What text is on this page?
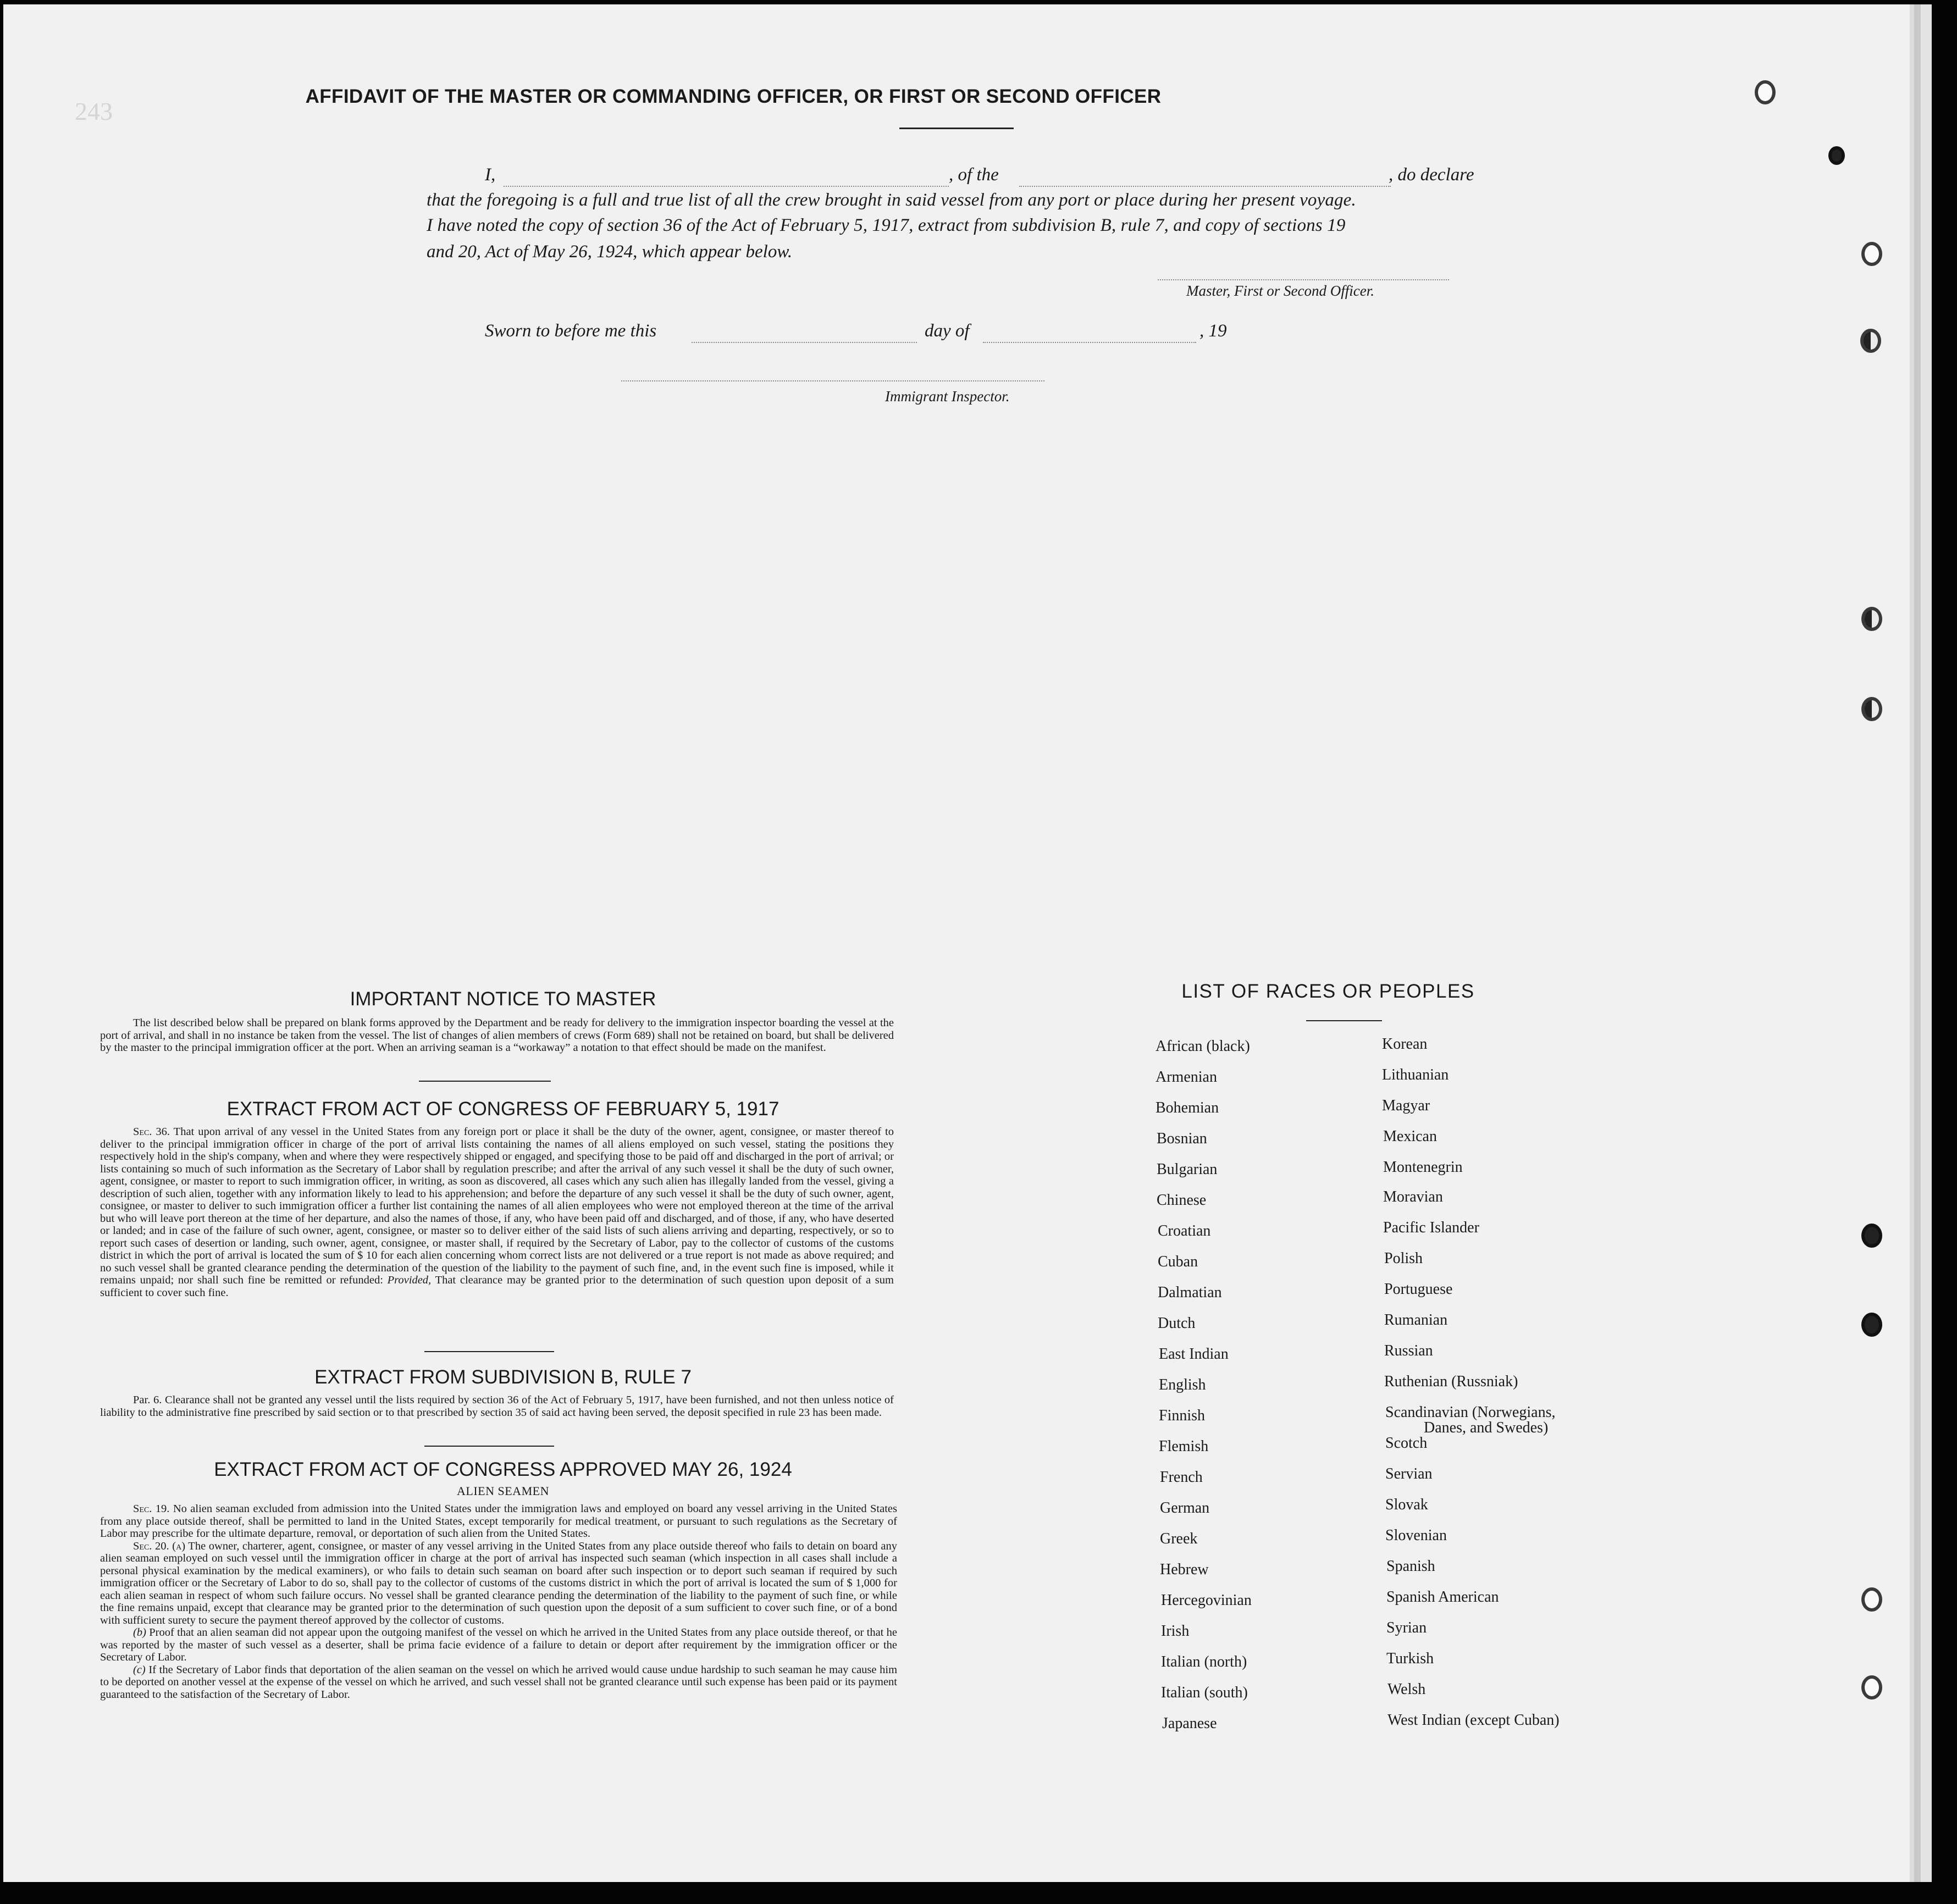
243
AFFIDAVIT OF THE MASTER OR COMMANDING OFFICER, OR FIRST OR SECOND OFFICER
I,	, of the	, do declare
that the foregoing is a full and true list of all the crew brought in said vessel from any port or place during her present voyage.
I have noted the copy of section 36 of the Act of February 5, 1917, extract from subdivision B, rule 7, and copy of sections 19
and 20, Act of May 26, 1924, which appear below.
Master, First or Second Officer.
Sworn to before me this	day of	, 19
Immigrant Inspector.
IMPORTANT NOTICE TO MASTER
The list described below shall be prepared on blank forms approved by the Department and be ready for delivery to the immigration inspector boarding the vessel at the port of arrival, and shall in no instance be taken from the vessel. The list of changes of alien members of crews (Form 689) shall not be retained on board, but shall be delivered by the master to the principal immigration officer at the port. When an arriving seaman is a “workaway” a notation to that effect should be made on the manifest.
EXTRACT FROM ACT OF CONGRESS OF FEBRUARY 5, 1917
Sec. 36. That upon arrival of any vessel in the United States from any foreign port or place it shall be the duty of the owner, agent, consignee, or master thereof to deliver to the principal immigration officer in charge of the port of arrival lists containing the names of all aliens employed on such vessel, stating the positions they respectively hold in the ship's company, when and where they were respectively shipped or engaged, and specifying those to be paid off and discharged in the port of arrival; or lists containing so much of such information as the Secretary of Labor shall by regulation prescribe; and after the arrival of any such vessel it shall be the duty of such owner, agent, consignee, or master to report to such immigration officer, in writing, as soon as discovered, all cases which any such alien has illegally landed from the vessel, giving a description of such alien, together with any information likely to lead to his apprehension; and before the departure of any such vessel it shall be the duty of such owner, agent, consignee, or master to deliver to such immigration officer a further list containing the names of all alien employees who were not employed thereon at the time of the arrival but who will leave port thereon at the time of her departure, and also the names of those, if any, who have been paid off and discharged, and of those, if any, who have deserted or landed; and in case of the failure of such owner, agent, consignee, or master so to deliver either of the said lists of such aliens arriving and departing, respectively, or so to report such cases of desertion or landing, such owner, agent, consignee, or master shall, if required by the Secretary of Labor, pay to the collector of customs of the customs district in which the port of arrival is located the sum of $ 10 for each alien concerning whom correct lists are not delivered or a true report is not made as above required; and no such vessel shall be granted clearance pending the determination of the question of the liability to the payment of such fine, and, in the event such fine is imposed, while it remains unpaid; nor shall such fine be remitted or refunded: Provided, That clearance may be granted prior to the determination of such question upon deposit of a sum sufficient to cover such fine.
EXTRACT FROM SUBDIVISION B, RULE 7
Par. 6. Clearance shall not be granted any vessel until the lists required by section 36 of the Act of February 5, 1917, have been furnished, and not then unless notice of liability to the administrative fine prescribed by said section or to that prescribed by section 35 of said act having been served, the deposit specified in rule 23 has been made.
EXTRACT FROM ACT OF CONGRESS APPROVED MAY 26, 1924
ALIEN SEAMEN
Sec. 19. No alien seaman excluded from admission into the United States under the immigration laws and employed on board any vessel arriving in the United States from any place outside thereof, shall be permitted to land in the United States, except temporarily for medical treatment, or pursuant to such regulations as the Secretary of Labor may prescribe for the ultimate departure, removal, or deportation of such alien from the United States.
Sec. 20. (a) The owner, charterer, agent, consignee, or master of any vessel arriving in the United States from any place outside thereof who fails to detain on board any alien seaman employed on such vessel until the immigration officer in charge at the port of arrival has inspected such seaman (which inspection in all cases shall include a personal physical examination by the medical examiners), or who fails to detain such seaman on board after such inspection or to deport such seaman if required by such immigration officer or the Secretary of Labor to do so, shall pay to the collector of customs of the customs district in which the port of arrival is located the sum of $ 1,000 for each alien seaman in respect of whom such failure occurs. No vessel shall be granted clearance pending the determination of the liability to the payment of such fine, or while the fine remains unpaid, except that clearance may be granted prior to the determination of such question upon the deposit of a sum sufficient to cover such fine, or of a bond with sufficient surety to secure the payment thereof approved by the collector of customs.
(b) Proof that an alien seaman did not appear upon the outgoing manifest of the vessel on which he arrived in the United States from any place outside thereof, or that he was reported by the master of such vessel as a deserter, shall be prima facie evidence of a failure to detain or deport after requirement by the immigration officer or the Secretary of Labor.
(c) If the Secretary of Labor finds that deportation of the alien seaman on the vessel on which he arrived would cause undue hardship to such seaman he may cause him to be deported on another vessel at the expense of the vessel on which he arrived, and such vessel shall not be granted clearance until such expense has been paid or its payment guaranteed to the satisfaction of the Secretary of Labor.
LIST OF RACES OR PEOPLES
African (black)
Armenian
Bohemian
Bosnian
Bulgarian
Chinese
Croatian
Cuban
Dalmatian
Dutch
East Indian
English
Finnish
Flemish
French
German
Greek
Hebrew
Hercegovinian
Irish
Italian (north)
Italian (south)
Japanese
Korean
Lithuanian
Magyar
Mexican
Montenegrin
Moravian
Pacific Islander
Polish
Portuguese
Rumanian
Russian
Ruthenian (Russniak)
Scandinavian (Norwegians,
Danes, and Swedes)
Scotch
Servian
Slovak
Slovenian
Spanish
Spanish American
Syrian
Turkish
Welsh
West Indian (except Cuban)
